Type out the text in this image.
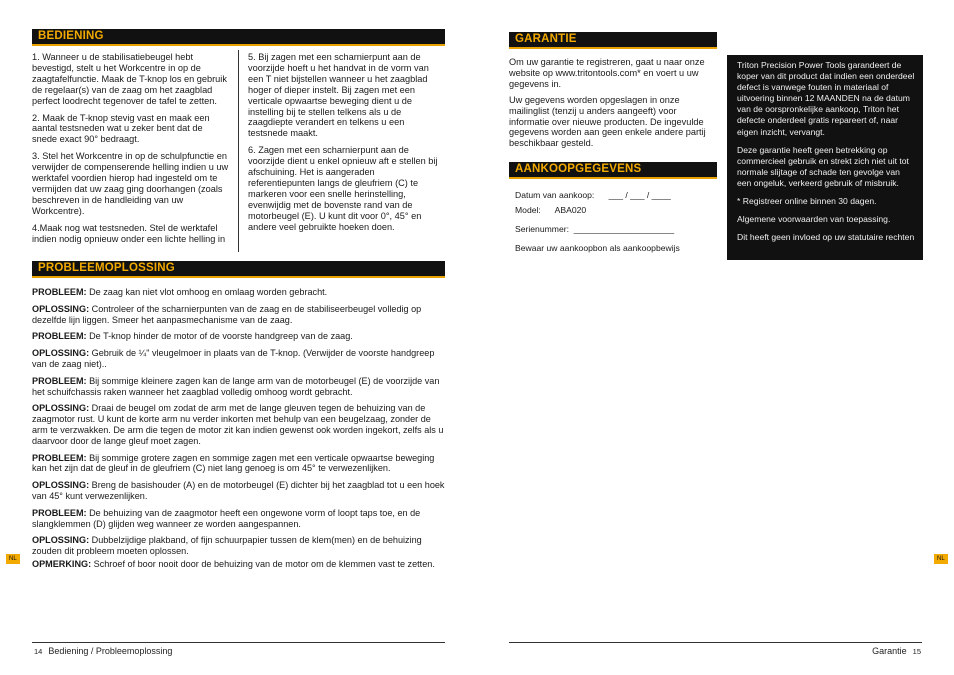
BEDIENING
1. Wanneer u de stabilisatiebeugel hebt bevestigd, stelt u het Workcentre in op de zaagtafelfunctie. Maak de T-knop los en gebruik de regelaar(s) van de zaag om het zaagblad perfect loodrecht tegenover de tafel te zetten.
2. Maak de T-knop stevig vast en maak een aantal testsneden wat u zeker bent dat de snede exact 90° bedraagt.
3. Stel het Workcentre in op de schulpfunctie en verwijder de compenserende helling indien u uw werktafel voordien hierop had ingesteld om te vermijden dat uw zaag ging doorhangen (zoals beschreven in de handleiding van uw Workcentre).
4.Maak nog wat testsneden. Stel de werktafel indien nodig opnieuw onder een lichte helling in
5. Bij zagen met een scharnierpunt aan de voorzijde hoeft u het handvat in de vorm van een T niet bijstellen wanneer u het zaagblad hoger of dieper instelt. Bij zagen met een verticale opwaartse beweging dient u de instelling bij te stellen telkens als u de zaagdiepte verandert en telkens u een testsnede maakt.
6. Zagen met een scharnierpunt aan de voorzijde dient u enkel opnieuw aft e stellen bij afschuining. Het is aangeraden referentiepunten langs de gleufriem (C) te markeren voor een snelle herinstelling, evenwijdig met de bovenste rand van de motorbeugel (E). U kunt dit voor 0°, 45° en andere veel gebruikte hoeken doen.
PROBLEEMOPLOSSING
PROBLEEM: De zaag kan niet vlot omhoog en omlaag worden gebracht.
OPLOSSING: Controleer of the scharnierpunten van de zaag en de stabiliseerbeugel volledig op dezelfde lijn liggen. Smeer het aanpasmechanisme van de zaag.
PROBLEEM: De T-knop hinder de motor of de voorste handgreep van de zaag.
OPLOSSING: Gebruik de ¼" vleugelmoer in plaats van de T-knop. (Verwijder de voorste handgreep van de zaag niet)..
PROBLEEM: Bij sommige kleinere zagen kan de lange arm van de motorbeugel (E) de voorzijde van het schuifchassis raken wanneer het zaagblad volledig omhoog wordt gebracht.
OPLOSSING: Draai de beugel om zodat de arm met de lange gleuven tegen de behuizing van de zaagmotor rust. U kunt de korte arm nu verder inkorten met behulp van een beugelzaag, zonder de arm te verzwakken. De arm die tegen de motor zit kan indien gewenst ook worden ingekort, zelfs als u daarvoor door de lange gleuf moet zagen.
PROBLEEM: Bij sommige grotere zagen en sommige zagen met een verticale opwaartse beweging kan het zijn dat de gleuf in de gleufriem (C) niet lang genoeg is om 45° te verwezenlijken.
OPLOSSING: Breng de basishouder (A) en de motorbeugel (E) dichter bij het zaagblad tot u een hoek van 45° kunt verwezenlijken.
PROBLEEM: De behuizing van de zaagmotor heeft een ongewone vorm of loopt taps toe, en de slangklemmen (D) glijden weg wanneer ze worden aangespannen.
OPLOSSING: Dubbelzijdige plakband, of fijn schuurpapier tussen de klem(men) en de behuizing zouden dit probleem moeten oplossen.
OPMERKING: Schroef of boor nooit door de behuizing van de motor om de klemmen vast te zetten.
NL
14 Bediening / Probleemoplossing
GARANTIE

Om uw garantie te registreren, gaat u naar onze website op www.tritontools.com* en voert u uw gegevens in.

Uw gegevens worden opgeslagen in onze mailinglist (tenzij u anders aangeeft) voor informatie over nieuwe producten. De ingevulde gegevens worden aan geen enkele andere partij beschikbaar gesteld.

AANKOOPGEGEVENS
Datum van aankoop: ___ / ___ / ____
Model: ABA020
Serienummer: _____________________
Bewaar uw aankoopbon als aankoopbewijs

Triton Precision Power Tools garandeert de koper van dit product dat indien een onderdeel defect is vanwege fouten in materiaal of uitvoering binnen 12 MAANDEN na de datum van de oorspronkelijke aankoop, Triton het defecte onderdeel gratis repareert of, naar eigen inzicht, vervangt.

Deze garantie heeft geen betrekking op commercieel gebruik en strekt zich niet uit tot normale slijtage of schade ten gevolge van een ongeluk, verkeerd gebruik of misbruik.

* Registreer online binnen 30 dagen.

Algemene voorwaarden van toepassing.

Dit heeft geen invloed op uw statutaire rechten

NL
Garantie 15
